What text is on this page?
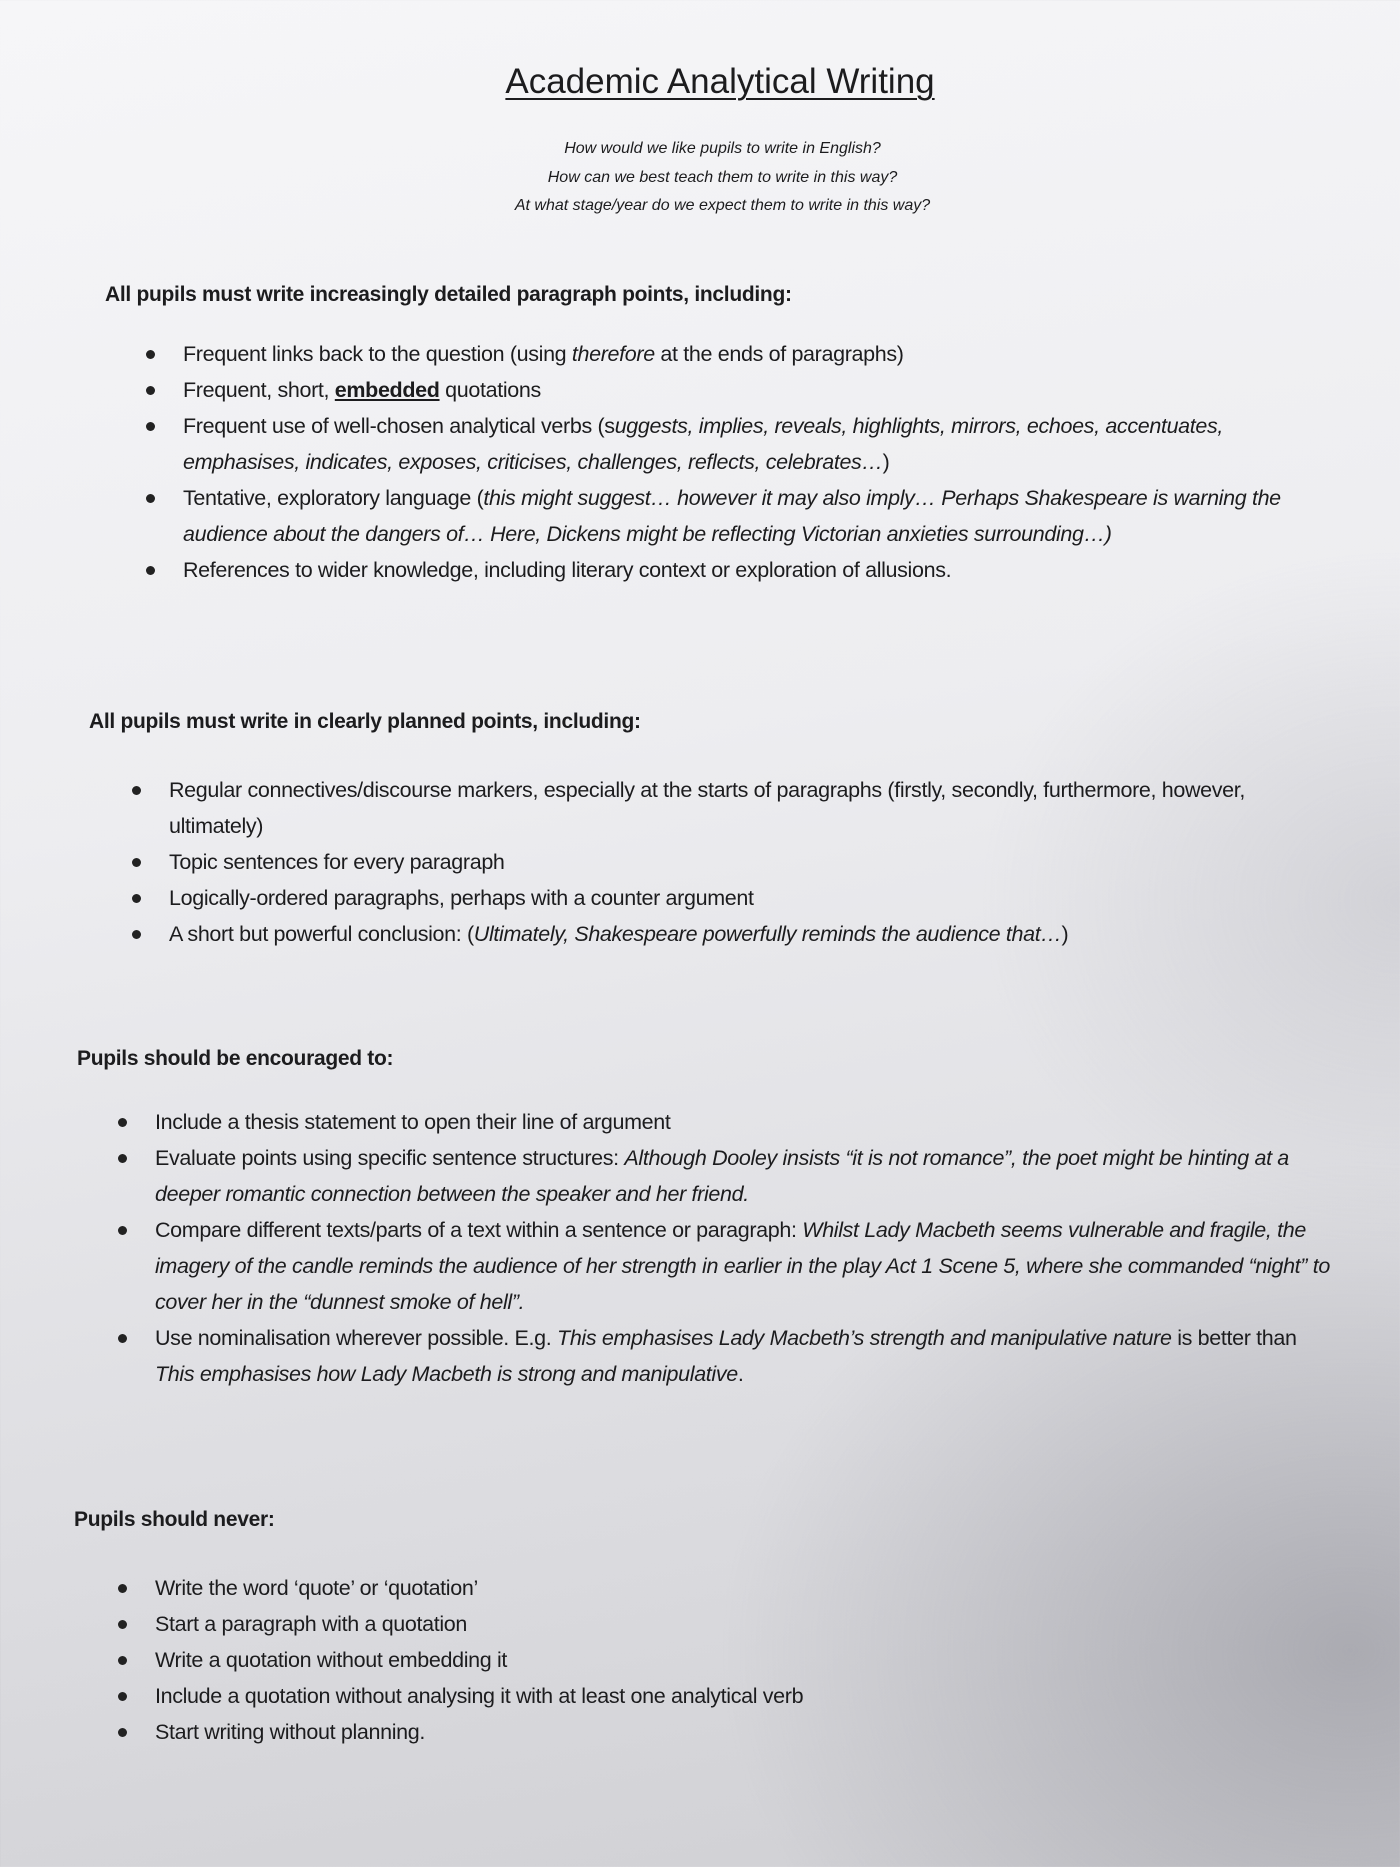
Academic Analytical Writing
How would we like pupils to write in English?
How can we best teach them to write in this way?
At what stage/year do we expect them to write in this way?
All pupils must write increasingly detailed paragraph points, including:
Frequent links back to the question (using therefore at the ends of paragraphs)
Frequent, short, embedded quotations
Frequent use of well-chosen analytical verbs (suggests, implies, reveals, highlights, mirrors, echoes, accentuates, emphasises, indicates, exposes, criticises, challenges, reflects, celebrates…)
Tentative, exploratory language (this might suggest… however it may also imply… Perhaps Shakespeare is warning the audience about the dangers of… Here, Dickens might be reflecting Victorian anxieties surrounding…)
References to wider knowledge, including literary context or exploration of allusions.
All pupils must write in clearly planned points, including:
Regular connectives/discourse markers, especially at the starts of paragraphs (firstly, secondly, furthermore, however, ultimately)
Topic sentences for every paragraph
Logically-ordered paragraphs, perhaps with a counter argument
A short but powerful conclusion: (Ultimately, Shakespeare powerfully reminds the audience that…)
Pupils should be encouraged to:
Include a thesis statement to open their line of argument
Evaluate points using specific sentence structures: Although Dooley insists “it is not romance”, the poet might be hinting at a deeper romantic connection between the speaker and her friend.
Compare different texts/parts of a text within a sentence or paragraph: Whilst Lady Macbeth seems vulnerable and fragile, the imagery of the candle reminds the audience of her strength in earlier in the play Act 1 Scene 5, where she commanded “night” to cover her in the “dunnest smoke of hell”.
Use nominalisation wherever possible. E.g. This emphasises Lady Macbeth’s strength and manipulative nature is better than This emphasises how Lady Macbeth is strong and manipulative.
Pupils should never:
Write the word ‘quote’ or ‘quotation’
Start a paragraph with a quotation
Write a quotation without embedding it
Include a quotation without analysing it with at least one analytical verb
Start writing without planning.
